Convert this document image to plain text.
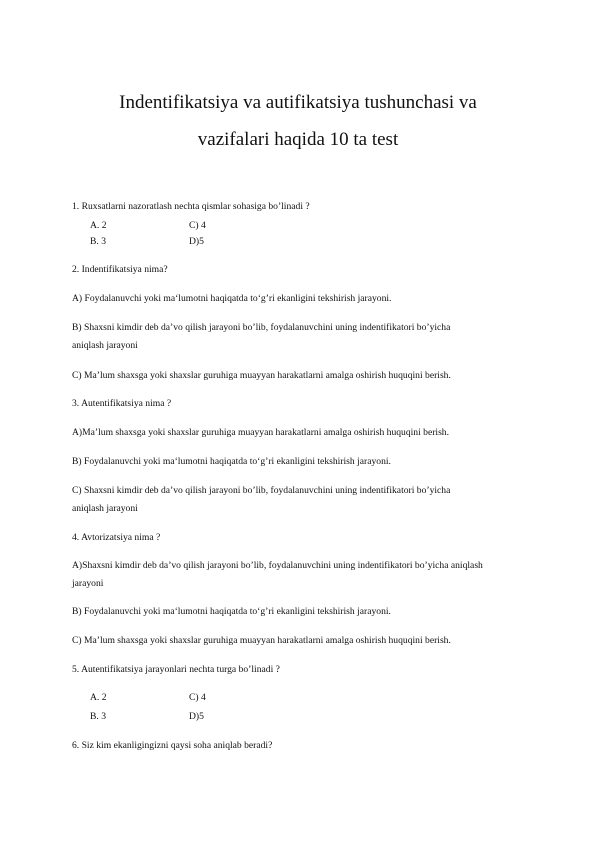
Indentifikatsiya va autifikatsiya tushunchasi va
vazifalari haqida 10 ta test
1. Ruxsatlarni nazoratlash nechta qismlar sohasiga bo’linadi ?
A. 2	C) 4
B. 3	D)5
2. Indentifikatsiya nima?
A) Foydalanuvchi yoki ma‘lumotni haqiqatda to‘g’ri ekanligini tekshirish jarayoni.
B) Shaxsni kimdir deb da’vo qilish jarayoni bo’lib, foydalanuvchini uning indentifikatori bo’yicha
aniqlash jarayoni
C) Ma’lum shaxsga yoki shaxslar guruhiga muayyan harakatlarni amalga oshirish huquqini berish.
3. Autentifikatsiya nima ?
A)Ma’lum shaxsga yoki shaxslar guruhiga muayyan harakatlarni amalga oshirish huquqini berish.
B) Foydalanuvchi yoki ma‘lumotni haqiqatda to‘g’ri ekanligini tekshirish jarayoni.
C) Shaxsni kimdir deb da’vo qilish jarayoni bo’lib, foydalanuvchini uning indentifikatori bo’yicha
aniqlash jarayoni
4. Avtorizatsiya nima ?
A)Shaxsni kimdir deb da’vo qilish jarayoni bo’lib, foydalanuvchini uning indentifikatori bo’yicha aniqlash
jarayoni
B) Foydalanuvchi yoki ma‘lumotni haqiqatda to‘g’ri ekanligini tekshirish jarayoni.
C) Ma’lum shaxsga yoki shaxslar guruhiga muayyan harakatlarni amalga oshirish huquqini berish.
5. Autentifikatsiya jarayonlari nechta turga bo’linadi ?
A. 2	C) 4
B. 3	D)5
6. Siz kim ekanligingizni qaysi soha aniqlab beradi?
